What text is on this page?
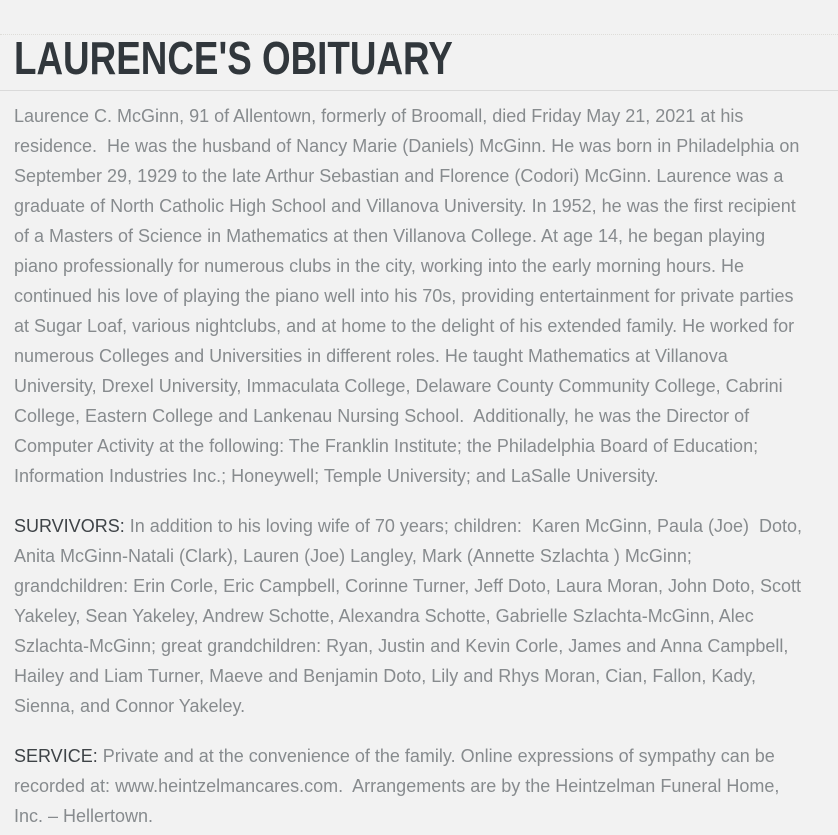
LAURENCE'S OBITUARY

Laurence C. McGinn, 91 of Allentown, formerly of Broomall, died Friday May 21, 2021 at his residence.  He was the husband of Nancy Marie (Daniels) McGinn. He was born in Philadelphia on September 29, 1929 to the late Arthur Sebastian and Florence (Codori) McGinn. Laurence was a graduate of North Catholic High School and Villanova University. In 1952, he was the first recipient of a Masters of Science in Mathematics at then Villanova College. At age 14, he began playing piano professionally for numerous clubs in the city, working into the early morning hours. He continued his love of playing the piano well into his 70s, providing entertainment for private parties at Sugar Loaf, various nightclubs, and at home to the delight of his extended family. He worked for numerous Colleges and Universities in different roles. He taught Mathematics at Villanova University, Drexel University, Immaculata College, Delaware County Community College, Cabrini College, Eastern College and Lankenau Nursing School.  Additionally, he was the Director of Computer Activity at the following: The Franklin Institute; the Philadelphia Board of Education; Information Industries Inc.; Honeywell; Temple University; and LaSalle University.

SURVIVORS: In addition to his loving wife of 70 years; children:  Karen McGinn, Paula (Joe)  Doto, Anita McGinn-Natali (Clark), Lauren (Joe) Langley, Mark (Annette Szlachta ) McGinn; grandchildren: Erin Corle, Eric Campbell, Corinne Turner, Jeff Doto, Laura Moran, John Doto, Scott Yakeley, Sean Yakeley, Andrew Schotte, Alexandra Schotte, Gabrielle Szlachta-McGinn, Alec Szlachta-McGinn; great grandchildren: Ryan, Justin and Kevin Corle, James and Anna Campbell, Hailey and Liam Turner, Maeve and Benjamin Doto, Lily and Rhys Moran, Cian, Fallon, Kady, Sienna, and Connor Yakeley.

SERVICE: Private and at the convenience of the family. Online expressions of sympathy can be recorded at: www.heintzelmancares.com.  Arrangements are by the Heintzelman Funeral Home, Inc. – Hellertown.
